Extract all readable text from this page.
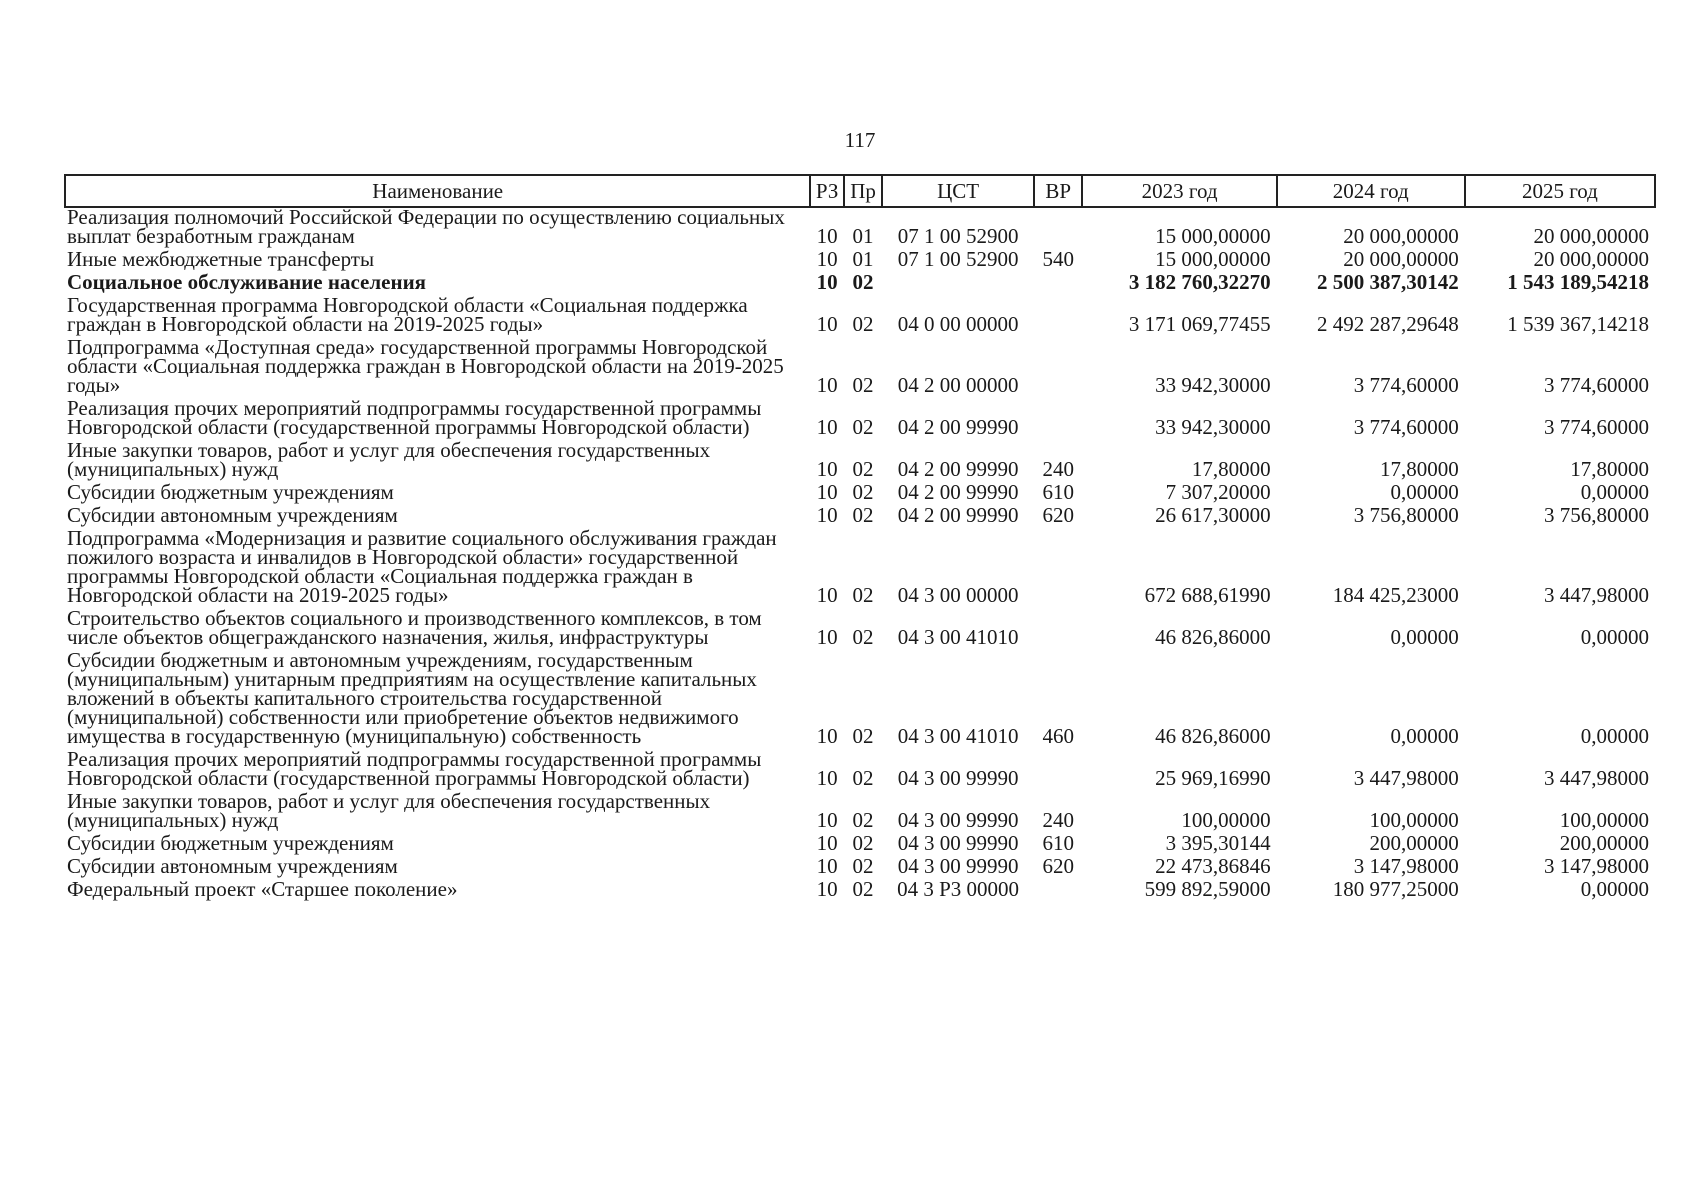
117
Наименование	РЗ	Пр	ЦСТ	ВР	2023 год	2024 год	2025 год
Реализация полномочий Российской Федерации по осуществлению социальных выплат безработным гражданам	10	01	07 1 00 52900		15 000,00000	20 000,00000	20 000,00000
Иные межбюджетные трансферты	10	01	07 1 00 52900	540	15 000,00000	20 000,00000	20 000,00000
Социальное обслуживание населения	10	02			3 182 760,32270	2 500 387,30142	1 543 189,54218
Государственная программа Новгородской области «Социальная поддержка граждан в Новгородской области на 2019-2025 годы»	10	02	04 0 00 00000		3 171 069,77455	2 492 287,29648	1 539 367,14218
Подпрограмма «Доступная среда» государственной программы Новгородской области «Социальная поддержка граждан в Новгородской области на 2019-2025 годы»	10	02	04 2 00 00000		33 942,30000	3 774,60000	3 774,60000
Реализация прочих мероприятий подпрограммы государственной программы Новгородской области (государственной программы Новгородской области)	10	02	04 2 00 99990		33 942,30000	3 774,60000	3 774,60000
Иные закупки товаров, работ и услуг для обеспечения государственных (муниципальных) нужд	10	02	04 2 00 99990	240	17,80000	17,80000	17,80000
Субсидии бюджетным учреждениям	10	02	04 2 00 99990	610	7 307,20000	0,00000	0,00000
Субсидии автономным учреждениям	10	02	04 2 00 99990	620	26 617,30000	3 756,80000	3 756,80000
Подпрограмма «Модернизация и развитие социального обслуживания граждан пожилого возраста и инвалидов в Новгородской области» государственной программы Новгородской области «Социальная поддержка граждан в Новгородской области на 2019-2025 годы»	10	02	04 3 00 00000		672 688,61990	184 425,23000	3 447,98000
Строительство объектов социального и производственного комплексов, в том числе объектов общегражданского назначения, жилья, инфраструктуры	10	02	04 3 00 41010		46 826,86000	0,00000	0,00000
Субсидии бюджетным и автономным учреждениям, государственным (муниципальным) унитарным предприятиям на осуществление капитальных вложений в объекты капитального строительства государственной (муниципальной) собственности или приобретение объектов недвижимого имущества в государственную (муниципальную) собственность	10	02	04 3 00 41010	460	46 826,86000	0,00000	0,00000
Реализация прочих мероприятий подпрограммы государственной программы Новгородской области (государственной программы Новгородской области)	10	02	04 3 00 99990		25 969,16990	3 447,98000	3 447,98000
Иные закупки товаров, работ и услуг для обеспечения государственных (муниципальных) нужд	10	02	04 3 00 99990	240	100,00000	100,00000	100,00000
Субсидии бюджетным учреждениям	10	02	04 3 00 99990	610	3 395,30144	200,00000	200,00000
Субсидии автономным учреждениям	10	02	04 3 00 99990	620	22 473,86846	3 147,98000	3 147,98000
Федеральный проект «Старшее поколение»	10	02	04 3 P3 00000		599 892,59000	180 977,25000	0,00000
